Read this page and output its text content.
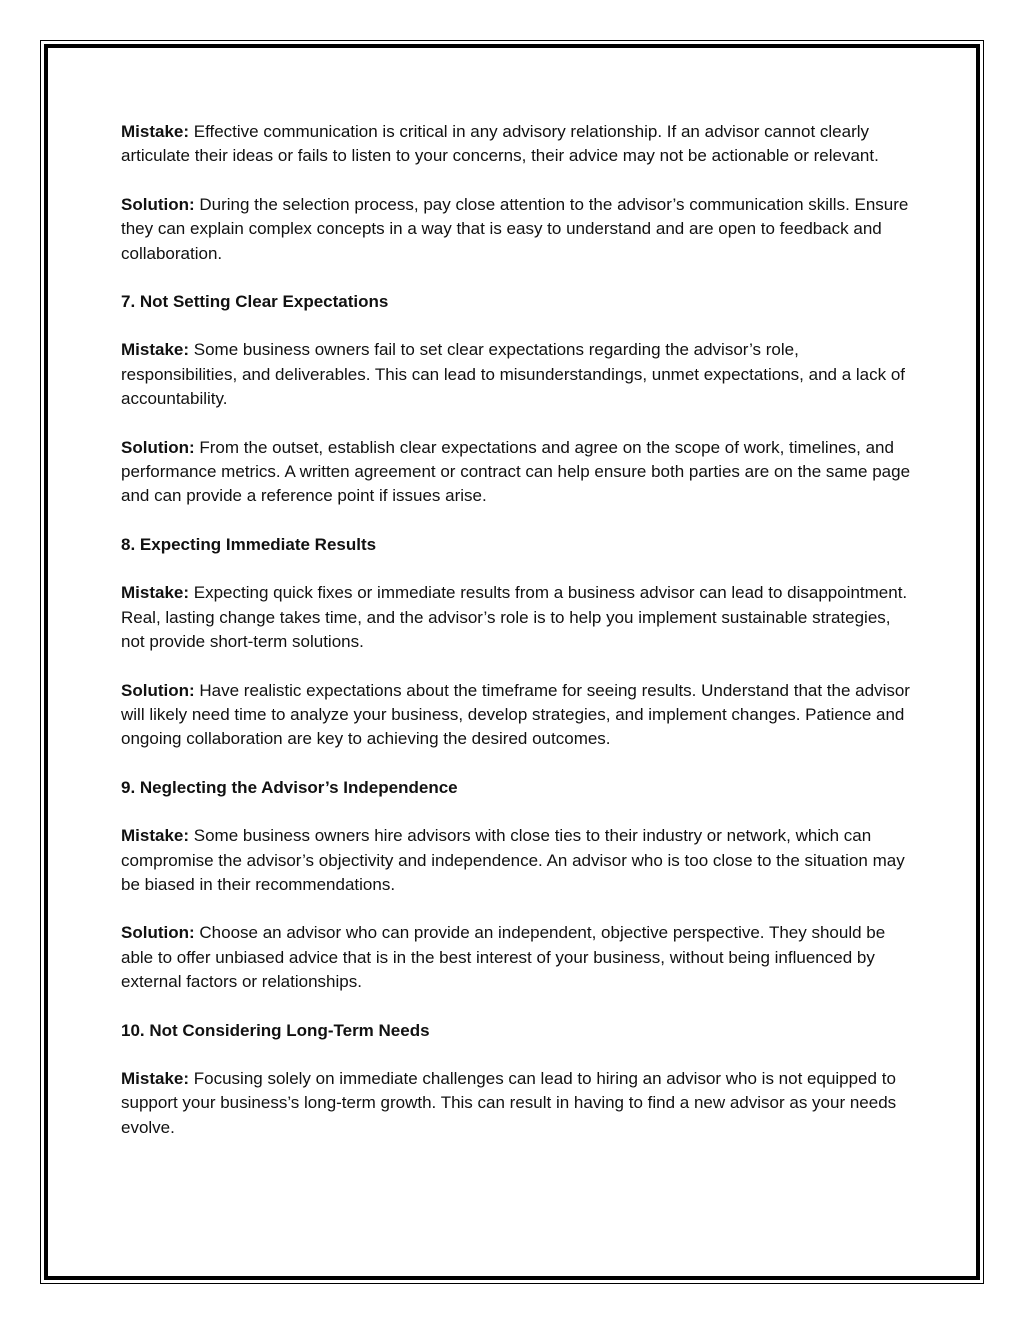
Mistake: Effective communication is critical in any advisory relationship. If an advisor cannot clearly articulate their ideas or fails to listen to your concerns, their advice may not be actionable or relevant.

Solution: During the selection process, pay close attention to the advisor’s communication skills. Ensure they can explain complex concepts in a way that is easy to understand and are open to feedback and collaboration.

7. Not Setting Clear Expectations

Mistake: Some business owners fail to set clear expectations regarding the advisor’s role, responsibilities, and deliverables. This can lead to misunderstandings, unmet expectations, and a lack of accountability.

Solution: From the outset, establish clear expectations and agree on the scope of work, timelines, and performance metrics. A written agreement or contract can help ensure both parties are on the same page and can provide a reference point if issues arise.

8. Expecting Immediate Results

Mistake: Expecting quick fixes or immediate results from a business advisor can lead to disappointment. Real, lasting change takes time, and the advisor’s role is to help you implement sustainable strategies, not provide short-term solutions.

Solution: Have realistic expectations about the timeframe for seeing results. Understand that the advisor will likely need time to analyze your business, develop strategies, and implement changes. Patience and ongoing collaboration are key to achieving the desired outcomes.

9. Neglecting the Advisor’s Independence

Mistake: Some business owners hire advisors with close ties to their industry or network, which can compromise the advisor’s objectivity and independence. An advisor who is too close to the situation may be biased in their recommendations.

Solution: Choose an advisor who can provide an independent, objective perspective. They should be able to offer unbiased advice that is in the best interest of your business, without being influenced by external factors or relationships.

10. Not Considering Long-Term Needs

Mistake: Focusing solely on immediate challenges can lead to hiring an advisor who is not equipped to support your business’s long-term growth. This can result in having to find a new advisor as your needs evolve.
